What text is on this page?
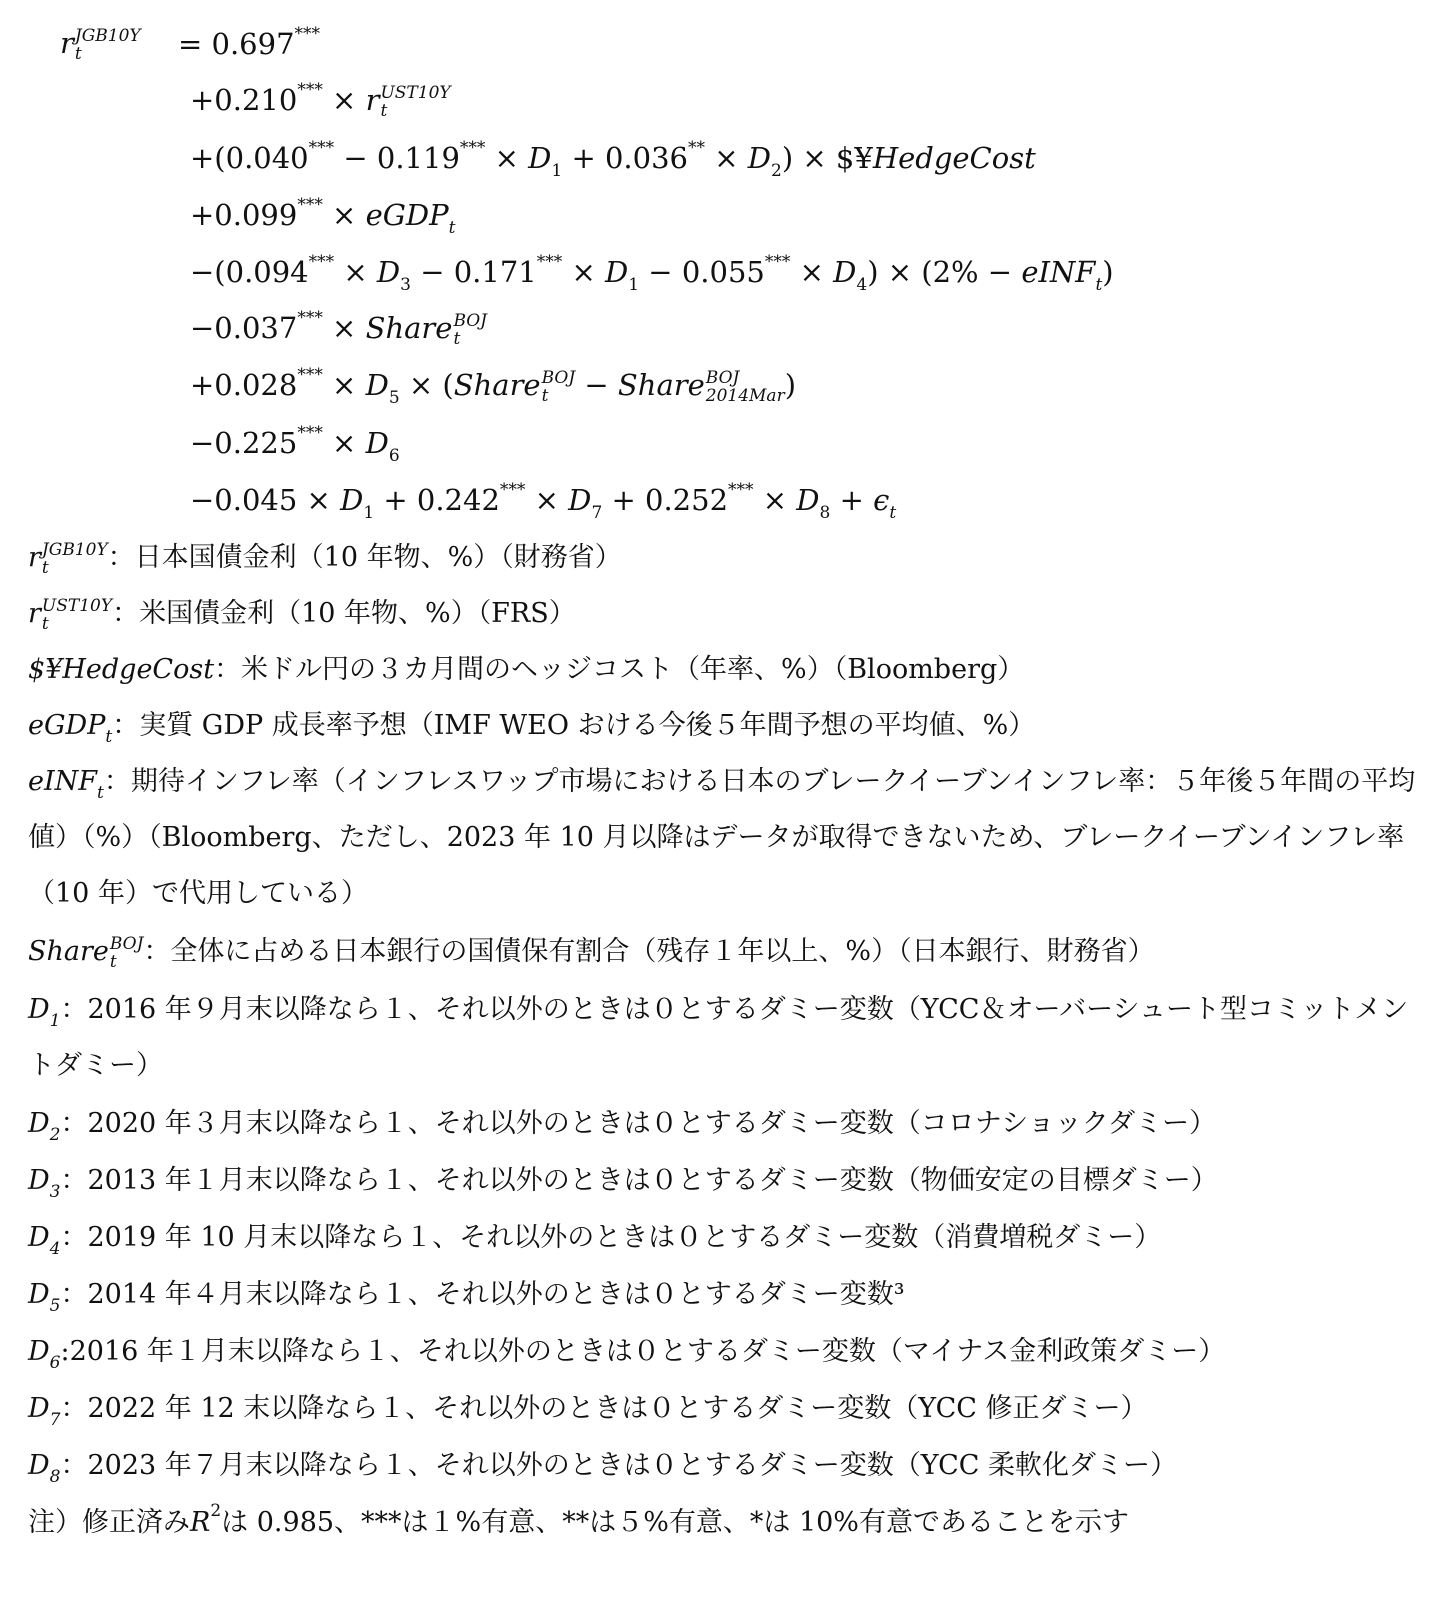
r JGB10Y
t	= 0.697***
+0.210*** × r UST10Y
t
$+(0.040^{***} - 0.119^{***} \times D_1 + 0.036^{**} \times D_2)$ × $¥HedgeCost
+0.099*** × eGDP$_t$
$-(0.094^{***} \times D_3 - 0.171^{***} \times D_1 - 0.055^{***} \times D_4) \times (2\%$ − eINF$_t$)
−0.037*** × Share BOJ
t
$+0.028^{***} \times D_5$ × (Share BOJ
t − Share BOJ
2014Mar )
$-0.225^{***} \times D_6$
$-0.045 \times D_1 + 0.242^{***} \times D_7 + 0.252^{***} \times D_8 + \epsilon_t$
r JGB10Y
t	：日本国債金利（10 年物、%）（財務省）
r UST10Y
t	：米国債金利（10 年物、%）（FRS）
$¥HedgeCost：米ドル円の３カ月間のヘッジコスト（年率、%）（Bloomberg）
eGDP$_t$：実質 GDP 成長率予想（IMF WEO おける今後５年間予想の平均値、%）
eINF$_t$：期待インフレ率（インフレスワップ市場における日本のブレークイーブンインフレ率：５年後５年間の平均値）（%）（Bloomberg、ただし、2023 年 10 月以降はデータが取得できないため、ブレークイーブンインフレ率（10 年）で代用している）
Share BOJ
t ：全体に占める日本銀行の国債保有割合（残存１年以上、%）（日本銀行、財務省）
$D_1$：2016 年９月末以降なら１、それ以外のときは０とするダミー変数（YCC＆オーバーシュート型コミットメントダミー）
$D_2$：2020 年３月末以降なら１、それ以外のときは０とするダミー変数（コロナショックダミー）
$D_3$：2013 年１月末以降なら１、それ以外のときは０とするダミー変数（物価安定の目標ダミー）
$D_4$：2019 年 10 月末以降なら１、それ以外のときは０とするダミー変数（消費増税ダミー）
$D_5$：2014 年４月末以降なら１、それ以外のときは０とするダミー変数³
$D_6:2016$ 年１月末以降なら１、それ以外のときは０とするダミー変数（マイナス金利政策ダミー）
$D_7$：2022 年 12 末以降なら１、それ以外のときは０とするダミー変数（YCC 修正ダミー）
$D_8$：2023 年７月末以降なら１、それ以外のときは０とするダミー変数（YCC 柔軟化ダミー）
注）修正済み$R^2$は 0.985、***は１%有意、**は５%有意、*は 10%有意であることを示す
